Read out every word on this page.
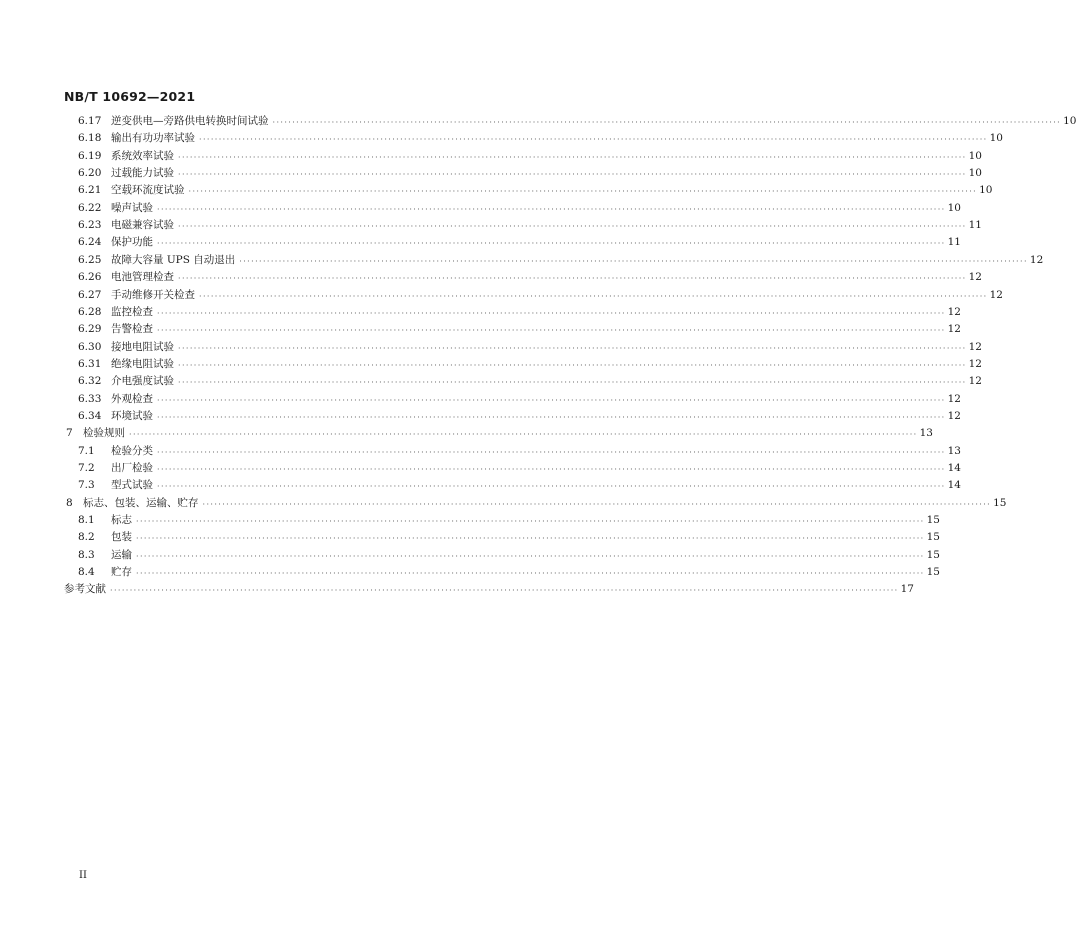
NB/T 10692—2021
6.17 逆变供电—旁路供电转换时间试验 ········································································································································································································ 10
6.18 输出有功功率试验 ········································································································································································································ 10
6.19 系统效率试验 ········································································································································································································ 10
6.20 过载能力试验 ········································································································································································································ 10
6.21 空载环流度试验 ········································································································································································································ 10
6.22 噪声试验 ········································································································································································································ 10
6.23 电磁兼容试验 ········································································································································································································ 11
6.24 保护功能 ········································································································································································································ 11
6.25 故障大容量 UPS 自动退出 ········································································································································································································ 12
6.26 电池管理检查 ········································································································································································································ 12
6.27 手动维修开关检查 ········································································································································································································ 12
6.28 监控检查 ········································································································································································································ 12
6.29 告警检查 ········································································································································································································ 12
6.30 接地电阻试验 ········································································································································································································ 12
6.31 绝缘电阻试验 ········································································································································································································ 12
6.32 介电强度试验 ········································································································································································································ 12
6.33 外观检查 ········································································································································································································ 12
6.34 环境试验 ········································································································································································································ 12
7 检验规则 ········································································································································································································ 13
7.1	检验分类 ········································································································································································································ 13
7.2	出厂检验 ········································································································································································································ 14
7.3	型式试验 ········································································································································································································ 14
8 标志、包装、运输、贮存 ········································································································································································································ 15
8.1	标志 ········································································································································································································ 15
8.2	包装 ········································································································································································································ 15
8.3	运输 ········································································································································································································ 15
8.4	贮存 ········································································································································································································ 15
参考文献 ········································································································································································································ 17
II
